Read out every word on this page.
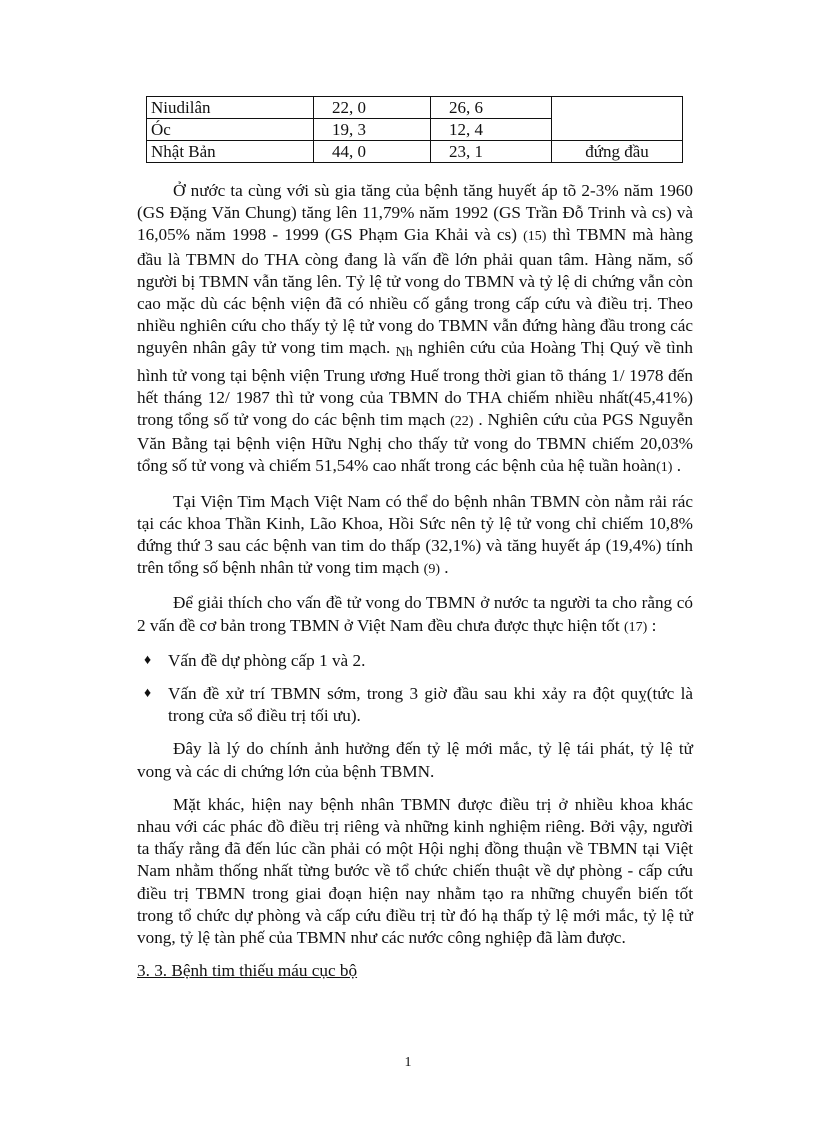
Niudilân	22, 0	26, 6	
Óc	19, 3	12, 4	
Nhật Bản	44, 0	23, 1	đứng đầu

Ở nước ta cùng với sù gia tăng của bệnh tăng huyết áp tõ 2-3% năm 1960 (GS Đặng Văn Chung) tăng lên 11,79% năm 1992 (GS Trần Đỗ Trinh và cs) và 16,05% năm 1998 - 1999 (GS Phạm Gia Khải và cs) (15) thì TBMN mà hàng đầu là TBMN do THA còng đang là vấn đề lớn phải quan tâm. Hàng năm, số người bị TBMN vẫn tăng lên. Tỷ lệ tử vong do TBMN và tỷ lệ di chứng vẫn còn cao mặc dù các bệnh viện đã có nhiều cố gắng trong cấp cứu và điều trị. Theo nhiều nghiên cứu cho thấy tỷ lệ tử vong do TBMN vẫn đứng hàng đầu trong các nguyên nhân gây tử vong tim mạch. Nh nghiên cứu của Hoàng Thị Quý về tình hình tử vong tại bệnh viện Trung ương Huế trong thời gian tõ tháng 1/ 1978 đến hết tháng 12/ 1987 thì tử vong của TBMN do THA chiếm nhiều nhất(45,41%) trong tổng số tử vong do các bệnh tim mạch (22) . Nghiên cứu của PGS Nguyễn Văn Bằng tại bệnh viện Hữu Nghị cho thấy tử vong do TBMN chiếm 20,03% tổng số tử vong và chiếm 51,54% cao nhất trong các bệnh của hệ tuần hoàn(1) .

Tại Viện Tim Mạch Việt Nam có thể do bệnh nhân TBMN còn nằm rải rác tại các khoa Thần Kinh, Lão Khoa, Hồi Sức nên tỷ lệ tử vong chỉ chiếm 10,8% đứng thứ 3 sau các bệnh van tim do thấp (32,1%) và tăng huyết áp (19,4%) tính trên tổng số bệnh nhân tử vong tim mạch (9) .

Để giải thích cho vấn đề tử vong do TBMN ở nước ta người ta cho rằng có 2 vấn đề cơ bản trong TBMN ở Việt Nam đều chưa được thực hiện tốt (17) :

♦ Vấn đề dự phòng cấp 1 và 2.
♦ Vấn đề xử trí TBMN sớm, trong 3 giờ đầu sau khi xảy ra đột quỵ(tức là trong cửa sổ điều trị tối ưu).

Đây là lý do chính ảnh hưởng đến tỷ lệ mới mắc, tỷ lệ tái phát, tỷ lệ tử vong và các di chứng lớn của bệnh TBMN.

Mặt khác, hiện nay bệnh nhân TBMN được điều trị ở nhiều khoa khác nhau với các phác đồ điều trị riêng và những kinh nghiệm riêng. Bởi vậy, người ta thấy rằng đã đến lúc cần phải có một Hội nghị đồng thuận về TBMN tại Việt Nam nhằm thống nhất từng bước về tổ chức chiến thuật về dự phòng - cấp cứu điều trị TBMN trong giai đoạn hiện nay nhằm tạo ra những chuyển biến tốt trong tổ chức dự phòng và cấp cứu điều trị từ đó hạ thấp tỷ lệ mới mắc, tỷ lệ tử vong, tỷ lệ tàn phế của TBMN như các nước công nghiệp đã làm được.

3. 3. Bệnh tim thiếu máu cục bộ

1
